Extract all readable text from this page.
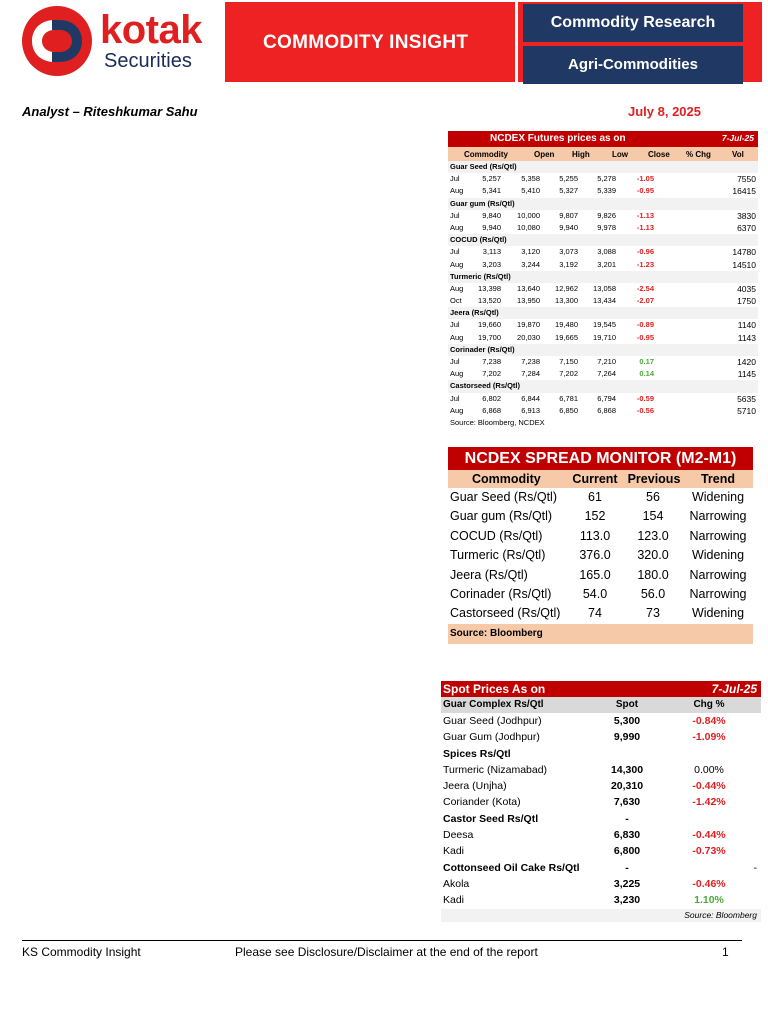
kotak
Securities
COMMODITY INSIGHT
Commodity Research
Agri-Commodities
Analyst – Riteshkumar Sahu	July 8, 2025
NCDEX Futures prices as on	7-Jul-25
Commodity	Open High	Low	Close % Chg	Vol
Guar Seed (Rs/Qtl)
Jul	5,257	5,358	5,255	5,278	-1.05	7550
Aug	5,341	5,410	5,327	5,339	-0.95	16415
Guar gum (Rs/Qtl)
Jul	9,840 10,000	9,807	9,826	-1.13	3830
Aug	9,940 10,080	9,940	9,978	-1.13	6370
COCUD (Rs/Qtl)
Jul	3,113	3,120	3,073	3,088	-0.96	14780
Aug	3,203	3,244	3,192	3,201	-1.23	14510
Turmeric (Rs/Qtl)
Aug 13,398 13,640 12,962 13,058	-2.54	4035
Oct 13,520 13,950 13,300 13,434	-2.07	1750
Jeera (Rs/Qtl)
Jul 19,660 19,870 19,480 19,545	-0.89	1140
Aug 19,700 20,030 19,665 19,710	-0.95	1143
Corinader (Rs/Qtl)
Jul	7,238	7,238	7,150	7,210	0.17	1420
Aug	7,202	7,284	7,202	7,264	0.14	1145
Castorseed (Rs/Qtl)
Jul	6,802	6,844	6,781	6,794	-0.59	5635
Aug	6,868	6,913	6,850	6,868	-0.56	5710
Source: Bloomberg, NCDEX
NCDEX SPREAD MONITOR (M2-M1)
Commodity	Current Previous	Trend
Guar Seed (Rs/Qtl)	61	56	Widening
Guar gum (Rs/Qtl)	152	154	Narrowing
COCUD (Rs/Qtl)	113.0	123.0	Narrowing
Turmeric (Rs/Qtl)	376.0	320.0	Widening
Jeera (Rs/Qtl)	165.0	180.0	Narrowing
Corinader (Rs/Qtl)	54.0	56.0	Narrowing
Castorseed (Rs/Qtl)	74	73	Widening
Source: Bloomberg
Spot Prices As on	7-Jul-25
Guar Complex Rs/Qtl	Spot	Chg %
Guar Seed (Jodhpur)	5,300	-0.84%
Guar Gum (Jodhpur)	9,990	-1.09%
Spices Rs/Qtl
Turmeric (Nizamabad)	14,300	0.00%
Jeera (Unjha)	20,310	-0.44%
Coriander (Kota)	7,630	-1.42%
Castor Seed Rs/Qtl	-
Deesa	6,830	-0.44%
Kadi	6,800	-0.73%
Cottonseed Oil Cake Rs/Qtl	-	-
Akola	3,225	-0.46%
Kadi	3,230	1.10%
Source: Bloomberg
KS Commodity Insight	Please see Disclosure/Disclaimer at the end of the report	1
